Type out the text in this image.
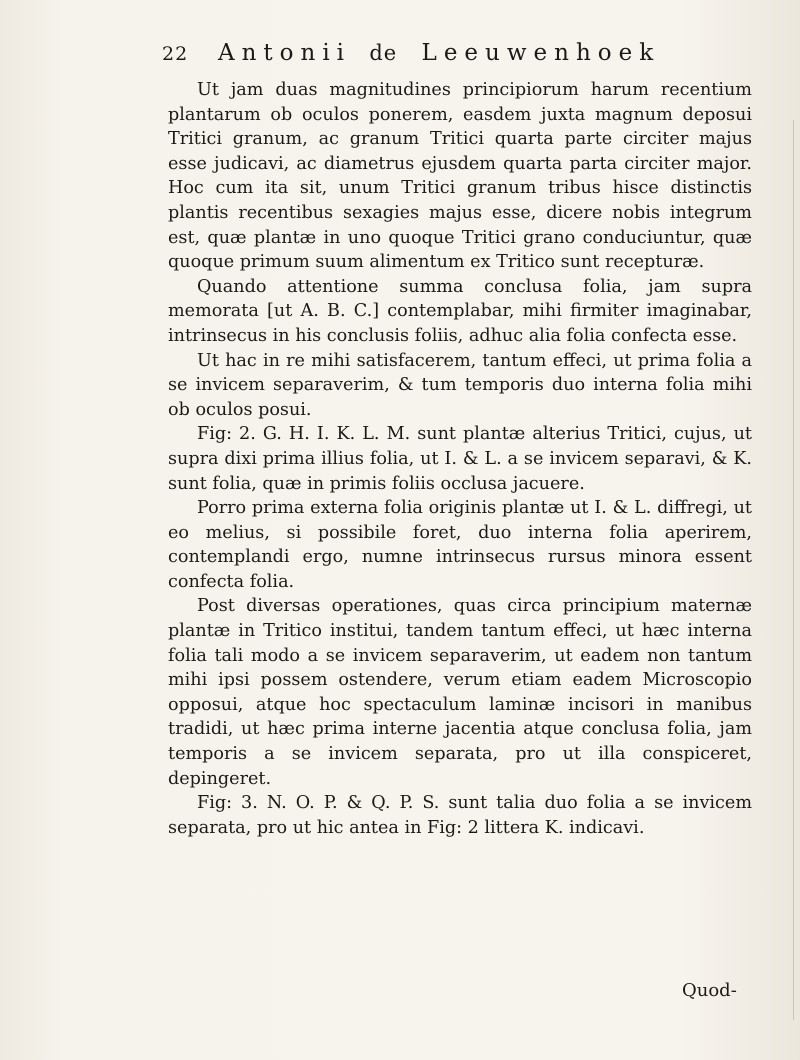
22	Antonii de Leeuwenhoek

Ut jam duas magnitudines principiorum harum recentium plantarum ob oculos ponerem, easdem juxta magnum deposui Tritici granum, ac granum Tritici quarta parte circiter majus esse judicavi, ac diametrus ejusdem quarta parta circiter major. Hoc cum ita sit, unum Tritici granum tribus hisce distinctis plantis recentibus sexagies majus esse, dicere nobis integrum est, quæ plantæ in uno quoque Tritici grano conduciuntur, quæ quoque primum suum alimentum ex Tritico sunt recepturæ.

Quando attentione summa conclusa folia, jam supra memorata [ut A. B. C.] contemplabar, mihi firmiter imaginabar, intrinsecus in his conclusis foliis, adhuc alia folia confecta esse.

Ut hac in re mihi satisfacerem, tantum effeci, ut prima folia a se invicem separaverim, & tum temporis duo interna folia mihi ob oculos posui.

Fig: 2. G. H. I. K. L. M. sunt plantæ alterius Tritici, cujus, ut supra dixi prima illius folia, ut I. & L. a se invicem separavi, & K. sunt folia, quæ in primis foliis occlusa jacuere.

Porro prima externa folia originis plantæ ut I. & L. diffregi, ut eo melius, si possibile foret, duo interna folia aperirem, contemplandi ergo, numne intrinsecus rursus minora essent confecta folia.

Post diversas operationes, quas circa principium maternæ plantæ in Tritico institui, tandem tantum effeci, ut hæc interna folia tali modo a se invicem separaverim, ut eadem non tantum mihi ipsi possem ostendere, verum etiam eadem Microscopio opposui, atque hoc spectaculum laminæ incisori in manibus tradidi, ut hæc prima interne jacentia atque conclusa folia, jam temporis a se invicem separata, pro ut illa conspiceret, depingeret.

Fig: 3. N. O. P. & Q. P. S. sunt talia duo folia a se invicem separata, pro ut hic antea in Fig: 2 littera K. indicavi.

Quod-
